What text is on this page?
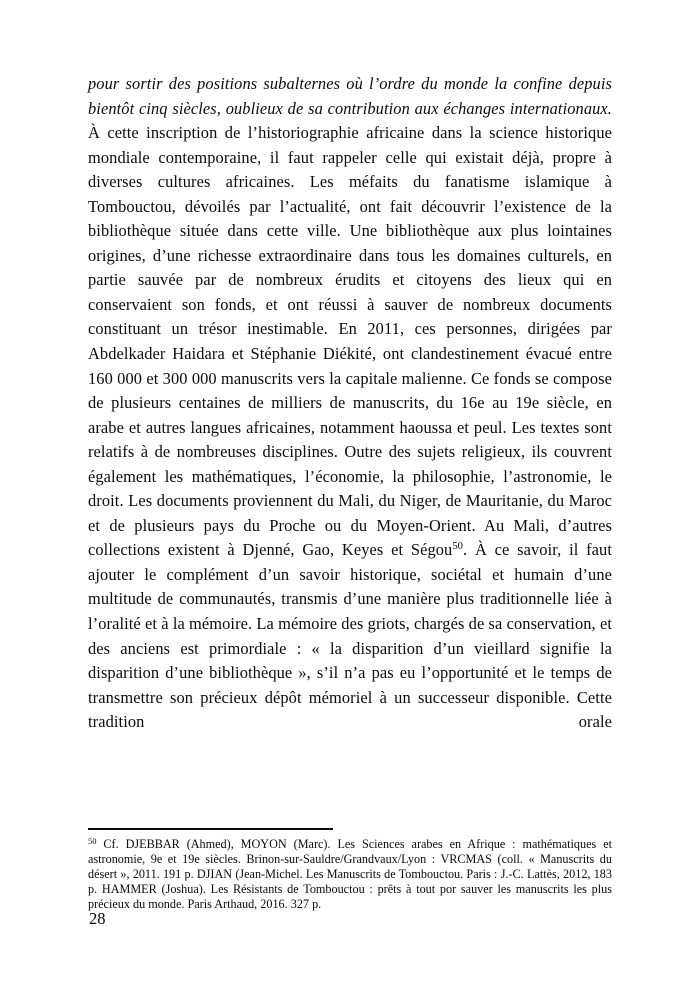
pour sortir des positions subalternes où l’ordre du monde la confine depuis bientôt cinq siècles, oublieux de sa contribution aux échanges internationaux. À cette inscription de l’historiographie africaine dans la science historique mondiale contemporaine, il faut rappeler celle qui existait déjà, propre à diverses cultures africaines. Les méfaits du fanatisme islamique à Tombouctou, dévoilés par l’actualité, ont fait découvrir l’existence de la bibliothèque située dans cette ville. Une bibliothèque aux plus lointaines origines, d’une richesse extraordinaire dans tous les domaines culturels, en partie sauvée par de nombreux érudits et citoyens des lieux qui en conservaient son fonds, et ont réussi à sauver de nombreux documents constituant un trésor inestimable. En 2011, ces personnes, dirigées par Abdelkader Haidara et Stéphanie Diékité, ont clandestinement évacué entre 160 000 et 300 000 manuscrits vers la capitale malienne. Ce fonds se compose de plusieurs centaines de milliers de manuscrits, du 16e au 19e siècle, en arabe et autres langues africaines, notamment haoussa et peul. Les textes sont relatifs à de nombreuses disciplines. Outre des sujets religieux, ils couvrent également les mathématiques, l’économie, la philosophie, l’astronomie, le droit. Les documents proviennent du Mali, du Niger, de Mauritanie, du Maroc et de plusieurs pays du Proche ou du Moyen-Orient. Au Mali, d’autres collections existent à Djenné, Gao, Keyes et Ségou$^{50}$. À ce savoir, il faut ajouter le complément d’un savoir historique, sociétal et humain d’une multitude de communautés, transmis d’une manière plus traditionnelle liée à l’oralité et à la mémoire. La mémoire des griots, chargés de sa conservation, et des anciens est primordiale : « la disparition d’un vieillard signifie la disparition d’une bibliothèque », s’il n’a pas eu l’opportunité et le temps de transmettre son précieux dépôt mémoriel à un successeur disponible. Cette tradition orale

$^{50}$ Cf. DJEBBAR (Ahmed), MOYON (Marc). Les Sciences arabes en Afrique : mathématiques et astronomie, 9e et 19e siècles. Brinon-sur-Sauldre/Grandvaux/Lyon : VRCMAS (coll. « Manuscrits du désert », 2011. 191 p. DJIAN (Jean-Michel. Les Manuscrits de Tombouctou. Paris : J.-C. Lattès, 2012, 183 p. HAMMER (Joshua). Les Résistants de Tombouctou : prêts à tout por sauver les manuscrits les plus précieux du monde. Paris Arthaud, 2016. 327 p.

28
